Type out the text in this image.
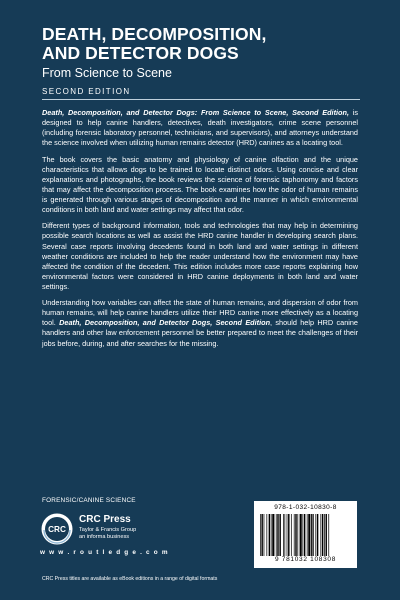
DEATH, DECOMPOSITION,
AND DETECTOR DOGS
From Science to Scene
SECOND EDITION

Death, Decomposition, and Detector Dogs: From Science to Scene, Second Edition, is designed to help canine handlers, detectives, death investigators, crime scene personnel (including forensic laboratory personnel, technicians, and supervisors), and attorneys understand the science involved when utilizing human remains detector (HRD) canines as a locating tool.

The book covers the basic anatomy and physiology of canine olfaction and the unique characteristics that allows dogs to be trained to locate distinct odors. Using concise and clear explanations and photographs, the book reviews the science of forensic taphonomy and factors that may affect the decomposition process. The book examines how the odor of human remains is generated through various stages of decomposition and the manner in which environmental conditions in both land and water settings may affect that odor.

Different types of background information, tools and technologies that may help in determining possible search locations as well as assist the HRD canine handler in developing search plans. Several case reports involving decedents found in both land and water settings in different weather conditions are included to help the reader understand how the environment may have affected the condition of the decedent. This edition includes more case reports explaining how environmental factors were considered in HRD canine deployments in both land and water settings.

Understanding how variables can affect the state of human remains, and dispersion of odor from human remains, will help canine handlers utilize their HRD canine more effectively as a locating tool. Death, Decomposition, and Detector Dogs, Second Edition, should help HRD canine handlers and other law enforcement personnel be better prepared to meet the challenges of their jobs before, during, and after searches for the missing.

FORENSIC/CANINE SCIENCE
CRC
CRC Press
Taylor & Francis Group
an informa business
w w w . r o u t l e d g e . c o m
CRC Press titles are available as eBook editions in a range of digital formats
978-1-032-10830-8
9 781032 108308
